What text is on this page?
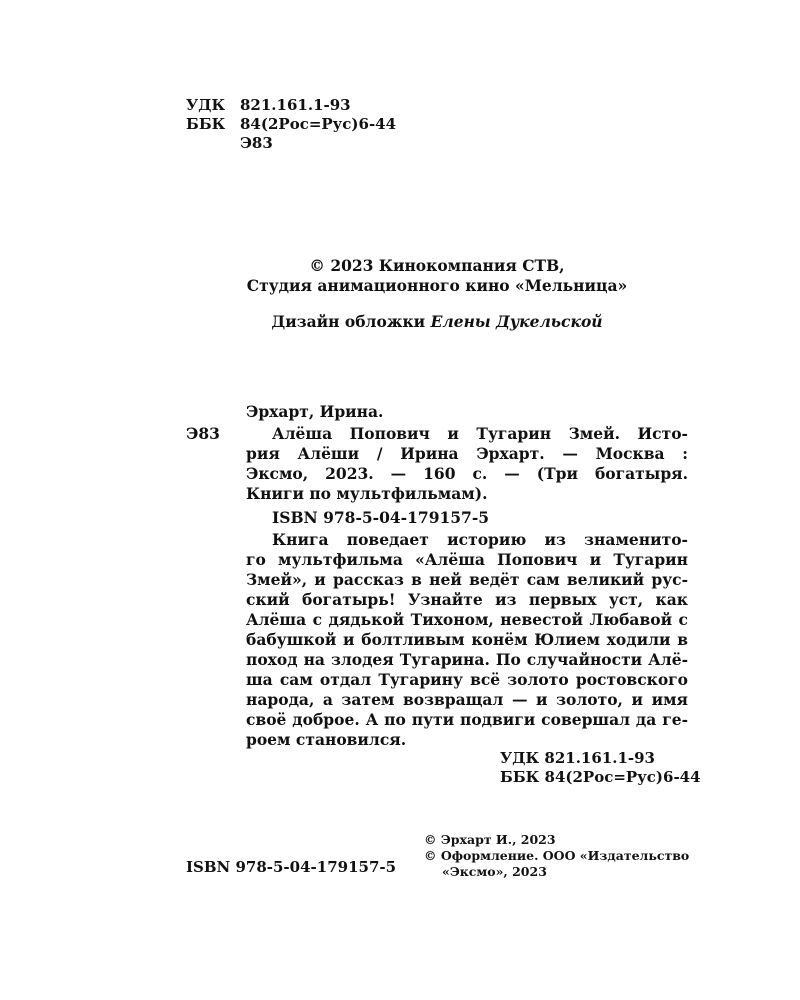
УДК 821.161.1-93
ББК 84(2Рос=Рус)6-44
Э83
© 2023 Кинокомпания СТВ,
Студия анимационного кино «Мельница»
Дизайн обложки Елены Дукельской
Эрхарт, Ирина.
Э83	Алёша Попович и Тугарин Змей. Исто-
рия Алёши / Ирина Эрхарт. — Москва :
Эксмо, 2023. — 160 с. — (Три богатыря.
Книги по мультфильмам).
ISBN 978-5-04-179157-5
Книга поведает историю из знаменито-
го мультфильма «Алёша Попович и Тугарин
Змей», и рассказ в ней ведёт сам великий рус-
ский богатырь! Узнайте из первых уст, как
Алёша с дядькой Тихоном, невестой Любавой с
бабушкой и болтливым конём Юлием ходили в
поход на злодея Тугарина. По случайности Алё-
ша сам отдал Тугарину всё золото ростовского
народа, а затем возвращал — и золото, и имя
своё доброе. А по пути подвиги совершал да ге-
роем становился.
УДК 821.161.1-93
ББК 84(2Рос=Рус)6-44
ISBN 978-5-04-179157-5
© Эрхарт И., 2023
© Оформление. ООО «Издательство
«Эксмо», 2023
